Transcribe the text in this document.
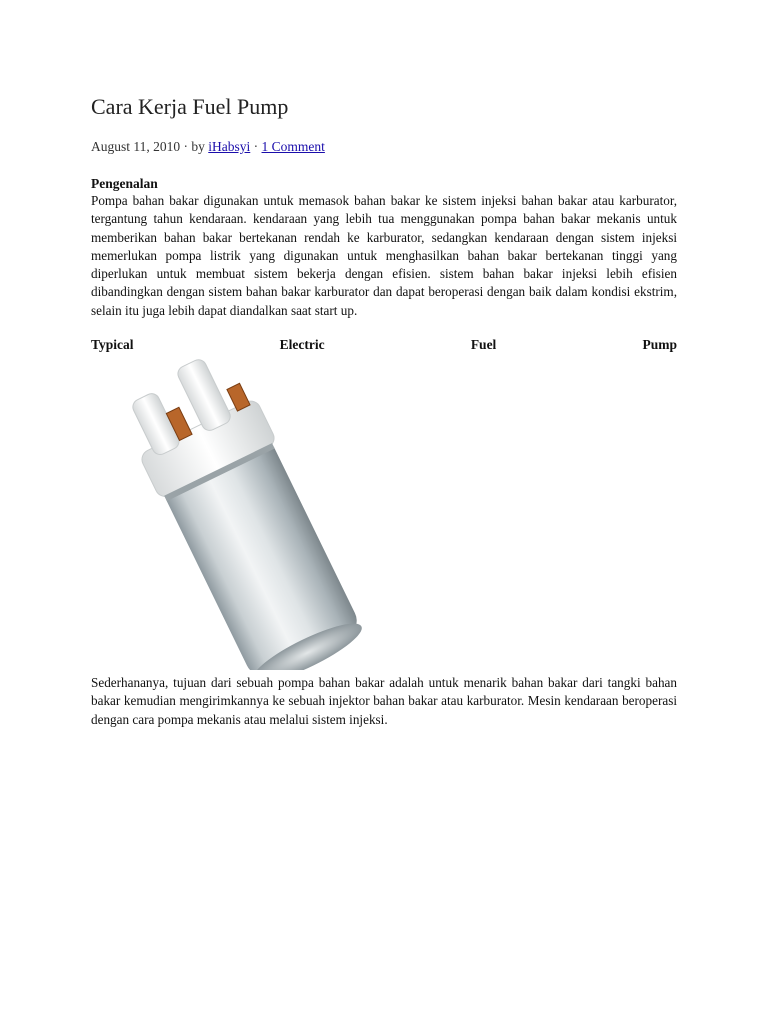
Cara Kerja Fuel Pump
August 11, 2010 · by iHabsyi · 1 Comment
Pengenalan

Pompa bahan bakar digunakan untuk memasok bahan bakar ke sistem injeksi bahan bakar atau karburator, tergantung tahun kendaraan. kendaraan yang lebih tua menggunakan pompa bahan bakar mekanis untuk memberikan bahan bakar bertekanan rendah ke karburator, sedangkan kendaraan dengan sistem injeksi memerlukan pompa listrik yang digunakan untuk menghasilkan bahan bakar bertekanan tinggi yang diperlukan untuk membuat sistem bekerja dengan efisien. sistem bahan bakar injeksi lebih efisien dibandingkan dengan sistem bahan bakar karburator dan dapat beroperasi dengan baik dalam kondisi ekstrim, selain itu juga lebih dapat diandalkan saat start up.

Typical	Electric	Fuel	Pump

Sederhananya, tujuan dari sebuah pompa bahan bakar adalah untuk menarik bahan bakar dari tangki bahan bakar kemudian mengirimkannya ke sebuah injektor bahan bakar atau karburator. Mesin kendaraan beroperasi dengan cara pompa mekanis atau melalui sistem injeksi.
